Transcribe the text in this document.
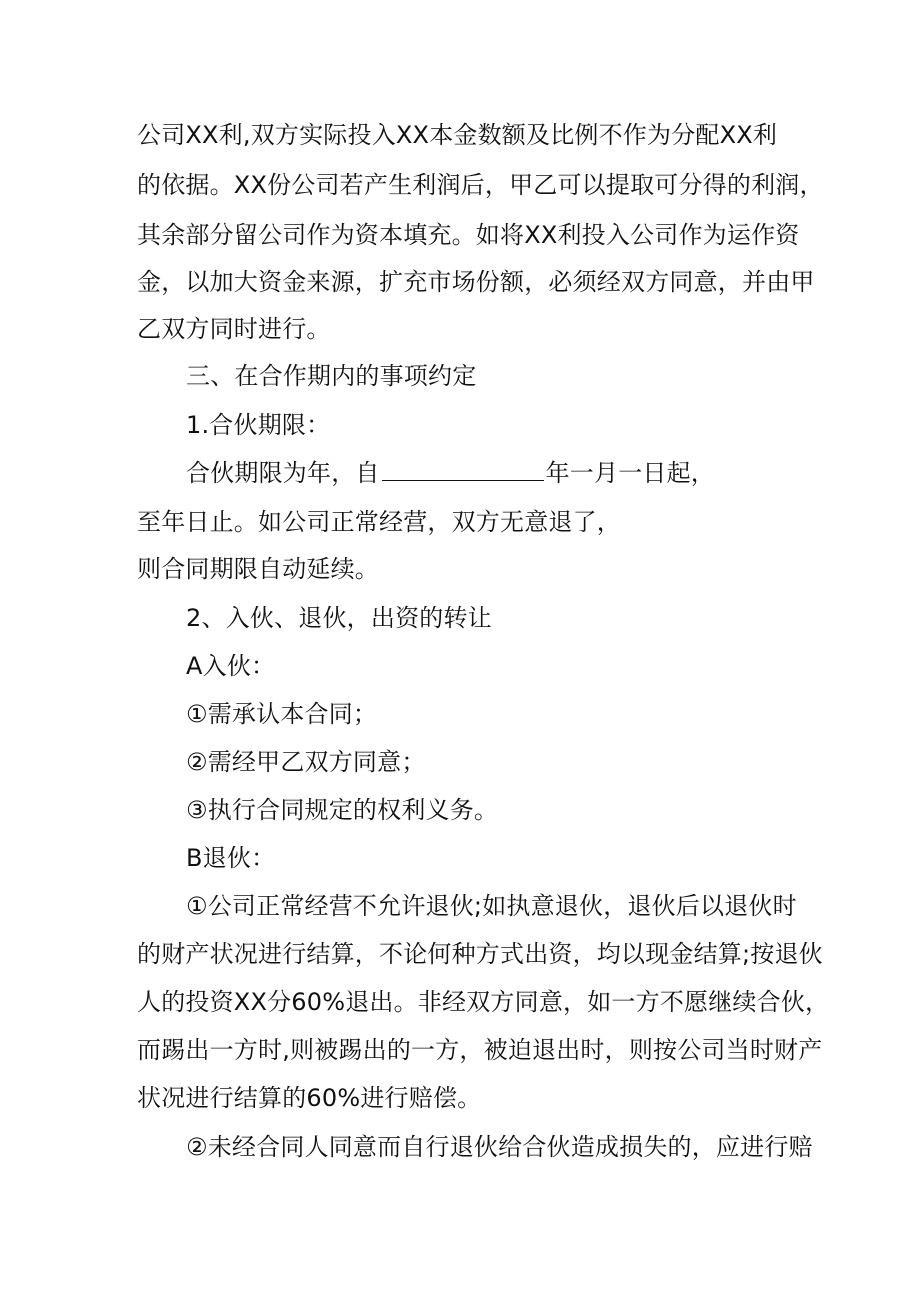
公司XX利,双方实际投入XX本金数额及比例不作为分配XX利
的依据。XX份公司若产生利润后，甲乙可以提取可分得的利润，
其余部分留公司作为资本填充。如将XX利投入公司作为运作资
金，以加大资金来源，扩充市场份额，必须经双方同意，并由甲
乙双方同时进行。
三、在合作期内的事项约定
1.合伙期限：
合伙期限为年，自	年一月一日起，
至年日止。如公司正常经营，双方无意退了，
则合同期限自动延续。
2、入伙、退伙，出资的转让
A入伙：
①需承认本合同；
②需经甲乙双方同意；
③执行合同规定的权利义务。
B退伙：
①公司正常经营不允许退伙;如执意退伙，退伙后以退伙时
的财产状况进行结算，不论何种方式出资，均以现金结算;按退伙
人的投资XX分60%退出。非经双方同意，如一方不愿继续合伙，
而踢出一方时,则被踢出的一方，被迫退出时，则按公司当时财产
状况进行结算的60%进行赔偿。
②未经合同人同意而自行退伙给合伙造成损失的，应进行赔
